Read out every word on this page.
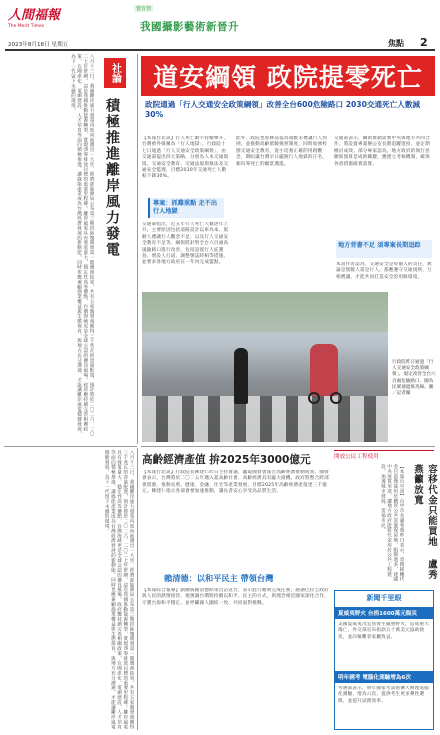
人間福報
The Merit Times
覺有情
我國攝影藝術新晉升
2023年8月18日 星期五	焦點 2
八月十三日，我國離岸風力發電再度向前邁出一大步，經濟部能源局公布第三階段區塊開發第一期選商結果，共有五家開發商獲得三千兆瓦的容量配置，預計將於二〇二六、二〇二七年併網。這是我國推動能源轉型、實現淨零排放目標的重要里程碑。離岸風電具有發電量大、穩定性高等優點，台灣海峽更是全球公認的優良風場。政府應持續完善相關政策，在國產化、電網建設、人才培育等面向積極推進，讓綠能產業成為台灣經濟發展的新動能。同時也應兼顧漁業權益與生態保育，與地方充分溝通，才能讓離岸風電穩健發展，為下一代留下永續的環境。	社論
積極推進離岸風力發電
道安綱領 政院提零死亡
政院通過「行人交通安全政策綱領」改善全台600危險路口 2030交通死亡人數減30%
【本報台北訊】行人死亡數字持續攀升，台灣被外媒稱為「行人地獄」。行政院十七日通過「行人交通安全政策綱領」，由交通部提出四大策略，分別為人本交通環境、交通安全教育、交通法規與執法及交通安全監理，目標2030年交通死亡人數較下降30%。
專案：抓雞重點 走不出行人地獄
交通部指出，近五年行人死亡人數逐年上升，主要原因包括道路設計以車為本、駕駛人禮讓行人觀念不足，以及行人交通安全教育不足等。綱領將針對全台六百處高風險路口進行改善，包括設置行人庇護島、增設人行道、調整號誌時相等措施，並要求各地方政府在一年內完成盤點。
此外，政院也將修法提高駕駛未禮讓行人罰則，並推動高齡駕駛換照制度，同時加強校園交通安全教育，從小培養正確的用路觀念，期盼讓台灣早日擺脫行人地獄的汙名，朝向零死亡的願景邁進。
交通部表示，綱領推動需要中央與地方共同合作，將設置專案辦公室長期追蹤進度，並定期檢討成效。部分專家認為，地方政府的執行意願與預算是成敗關鍵，應建立考核機制，確保各項措施確實落實。
地方背書不足 須專案長期追踪
本書作者認為，交通安全是每個人的責任，無論是駕駛人還是行人，都應遵守交通規則，互相禮讓，才能共同打造安全的用路環境。
行政院昨日通過「行人交通安全政策綱領」，規定改善全台六百處危險路口，圖為民眾通過斑馬線。圖／記者攝
高齡經濟產值 拚2025年3000億元
【本報台北訊】行政院長陳建仁昨日主持會議，聽取國發會報告高齡經濟推動成果。國發會表示，台灣將於二〇二五年邁入超高齡社會，高齡經濟具有龐大商機，政府將整合跨部會資源，推動長照、健康、金融、住宅等產業發展，目標2025年高齡經濟產值達三千億元。陳建仁指示各部會要加速推動，讓長者安心享受高品質生活。
賴清德：以和平民主 帶領台灣
【本報綜合報導】副總統賴清德結束出訪返台，表示此行順利完成任務，感謝巴拉圭政府與人民的熱情接待。他強調台灣將持續以和平、民主的方式，與理念相近國家深化合作，守護台海和平穩定，並呼籲國人團結一致，共同面對挑戰。
開放公民工程使用
容移代金只能買地 盧秀燕籲放寬
【本報台中訊】台中市長盧秀燕昨日表示，容積移轉代金目前僅能用於購買公共設施保留地，限制過多，建議中央放寬用途，讓地方政府能將代金用於公共工程建設，加速城市發展，造福市民。
新聞千里眼
夏威夷野火 台捐1600萬元賑災
美國夏威夷茂宜島發生嚴重野火，造成重大傷亡，外交部宣布捐款五十萬美元協助救災，並向罹難者家屬致哀。
明年國考 電腦化測驗增為6次
考選部表示，明年國家考試將擴大辦理電腦化測驗，增為六次，提供考生更多彈性選擇，並提升試務效率。
八月十三日，我國離岸風力發電再度向前邁出一大步，經濟部能源局公布第三階段區塊開發第一期選商結果，共有五家開發商獲得三千兆瓦的容量配置，預計將於二〇二六、二〇二七年併網。這是我國推動能源轉型、實現淨零排放目標的重要里程碑。離岸風電具有發電量大、穩定性高等優點，台灣海峽更是全球公認的優良風場。政府應持續完善相關政策，在國產化、電網建設、人才培育等面向積極推進，讓綠能產業成為台灣經濟發展的新動能。同時也應兼顧漁業權益與生態保育，與地方充分溝通，才能讓離岸風電穩健發展，為下一代留下永續的環境。
